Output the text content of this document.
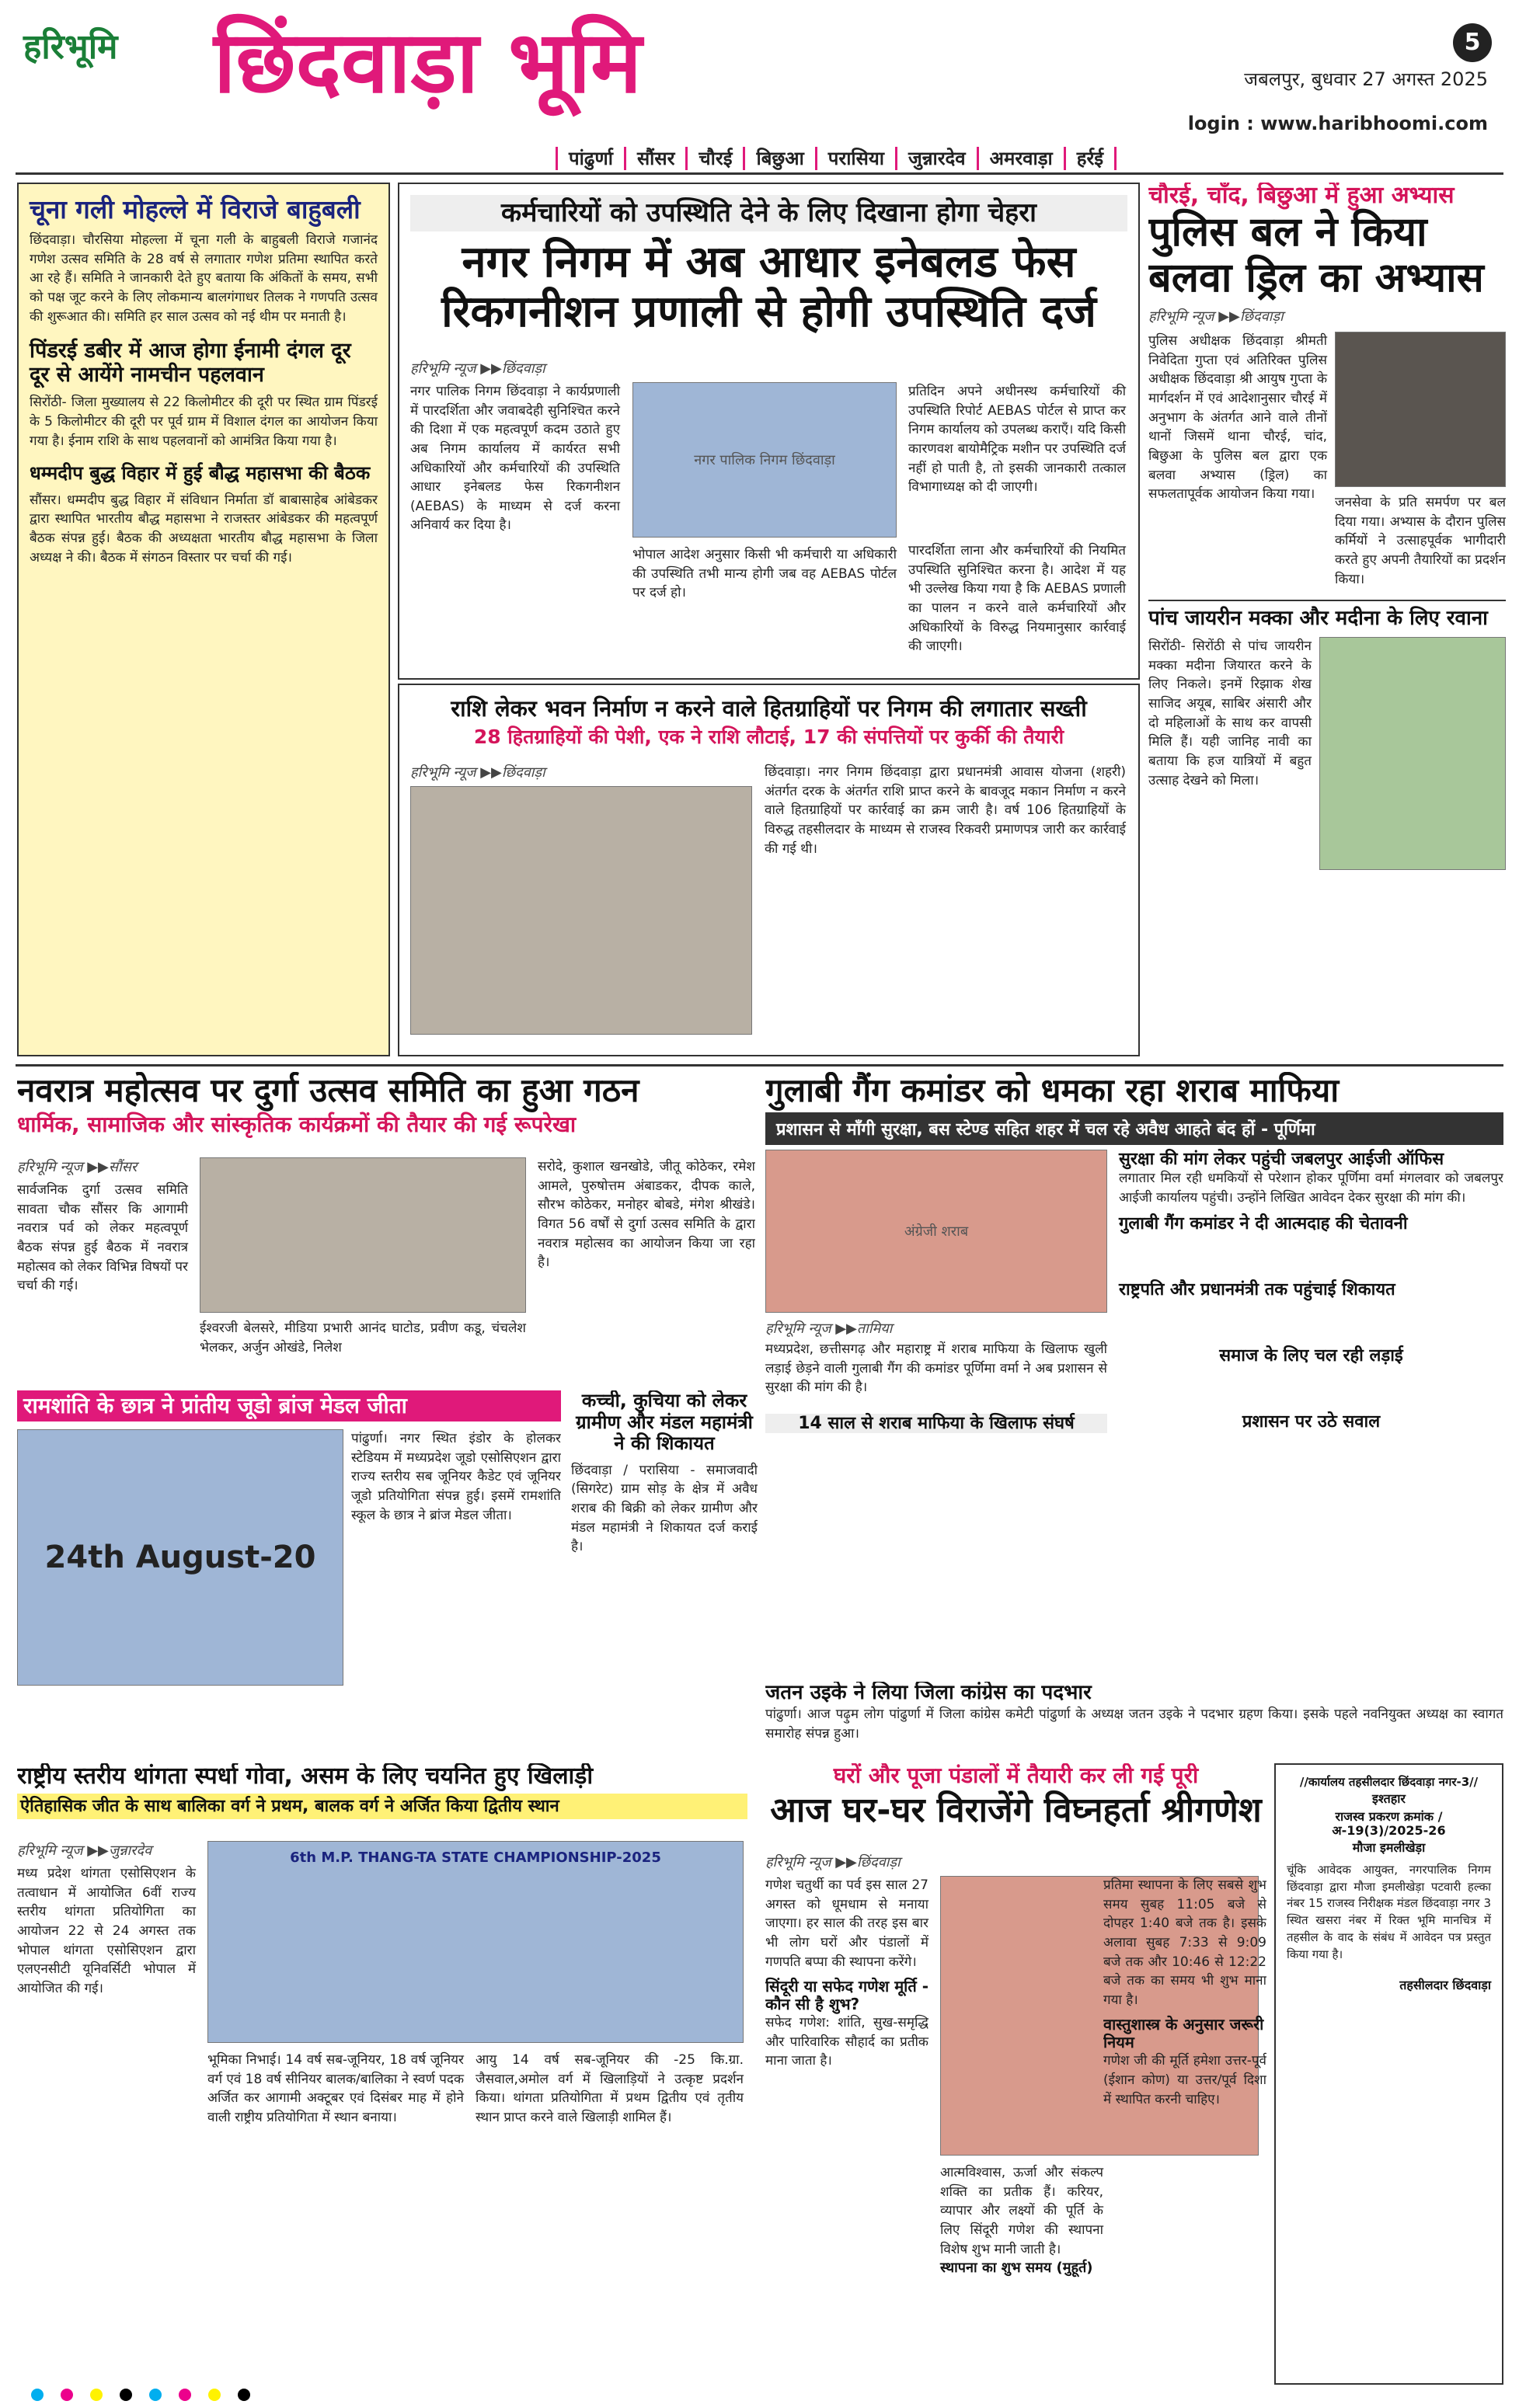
हरिभूमि छिंदवाड़ा भूमि	5
जबलपुर, बुधवार 27 अगस्त 2025
login : www.haribhoomi.com
पांढुर्णा	सौंसर	चौरई	बिछुआ	परासिया	जुन्नारदेव	अमरवाड़ा	हर्रई
चूना गली मोहल्ले में विराजे बाहुबली
छिंदवाड़ा। चौरसिया मोहल्ला में चूना गली के बाहुबली विराजे गजानंद गणेश उत्सव समिति के 28 वर्ष से लगातार गणेश प्रतिमा स्थापित करते आ रहे हैं। समिति ने जानकारी देते हुए बताया कि अंकितों के समय, सभी को पक्ष जूट करने के लिए लोकमान्य बालगंगाधर तिलक ने गणपति उत्सव की शुरूआत की। समिति हर साल उत्सव को नई थीम पर मनाती है।
पिंडरई डबीर में आज होगा ईनामी दंगल दूर दूर से आयेंगे नामचीन पहलवान
सिरोंठी- जिला मुख्यालय से 22 किलोमीटर की दूरी पर स्थित ग्राम पिंडरई के 5 किलोमीटर की दूरी पर पूर्व ग्राम में विशाल दंगल का आयोजन किया गया है। ईनाम राशि के साथ पहलवानों को आमंत्रित किया गया है।
धम्मदीप बुद्ध विहार में हुई बौद्ध महासभा की बैठक
सौंसर। धम्मदीप बुद्ध विहार में संविधान निर्माता डॉ बाबासाहेब आंबेडकर द्वारा स्थापित भारतीय बौद्ध महासभा ने राजस्तर आंबेडकर की महत्वपूर्ण बैठक संपन्न हुई। बैठक की अध्यक्षता भारतीय बौद्ध महासभा के जिला अध्यक्ष ने की। बैठक में संगठन विस्तार पर चर्चा की गई।
कर्मचारियों को उपस्थिति देने के लिए दिखाना होगा चेहरा
नगर निगम में अब आधार इनेबलड फेस
रिकगनीशन प्रणाली से होगी उपस्थिति दर्ज
हरिभूमि न्यूज ▶▶छिंदवाड़ा
नगर पालिक निगम छिंदवाड़ा ने कार्यप्रणाली में पारदर्शिता और जवाबदेही सुनिश्चित करने की दिशा में एक महत्वपूर्ण कदम उठाते हुए अब निगम कार्यालय में कार्यरत सभी अधिकारियों और कर्मचारियों की उपस्थिति आधार इनेबलड फेस रिकगनीशन (AEBAS) के माध्यम से दर्ज करना अनिवार्य कर दिया है।
नगर पालिक निगम छिंदवाड़ा
भोपाल आदेश अनुसार किसी भी कर्मचारी या अधिकारी की उपस्थिति तभी मान्य होगी जब वह AEBAS पोर्टल पर दर्ज हो।
प्रतिदिन अपने अधीनस्थ कर्मचारियों की उपस्थिति रिपोर्ट AEBAS पोर्टल से प्राप्त कर निगम कार्यालय को उपलब्ध कराएँ। यदि किसी कारणवश बायोमैट्रिक मशीन पर उपस्थिति दर्ज नहीं हो पाती है, तो इसकी जानकारी तत्काल विभागाध्यक्ष को दी जाएगी।
पारदर्शिता लाना और कर्मचारियों की नियमित उपस्थिति सुनिश्चित करना है। आदेश में यह भी उल्लेख किया गया है कि AEBAS प्रणाली का पालन न करने वाले कर्मचारियों और अधिकारियों के विरुद्ध नियमानुसार कार्रवाई की जाएगी।
राशि लेकर भवन निर्माण न करने वाले हितग्राहियों पर निगम की लगातार सख्ती
28 हितग्राहियों की पेशी, एक ने राशि लौटाई, 17 की संपत्तियों पर कुर्की की तैयारी
हरिभूमि न्यूज ▶▶छिंदवाड़ा	छिंदवाड़ा। नगर निगम छिंदवाड़ा द्वारा प्रधानमंत्री आवास योजना (शहरी) अंतर्गत दरक के अंतर्गत राशि प्राप्त करने के बावजूद मकान निर्माण न करने वाले हितग्राहियों पर कार्रवाई का क्रम जारी है। वर्ष 106 हितग्राहियों के विरुद्ध तहसीलदार के माध्यम से राजस्व रिकवरी प्रमाणपत्र जारी कर कार्रवाई की गई थी।
चौरई, चाँद, बिछुआ में हुआ अभ्यास
पुलिस बल ने किया बलवा ड्रिल का अभ्यास
हरिभूमि न्यूज ▶▶छिंदवाड़ा
पुलिस अधीक्षक छिंदवाड़ा श्रीमती निवेदिता गुप्ता एवं अतिरिक्त पुलिस अधीक्षक छिंदवाड़ा श्री आयुष गुप्ता के मार्गदर्शन में एवं आदेशानुसार चौरई में अनुभाग के अंतर्गत आने वाले तीनों थानों जिसमें थाना चौरई, चांद, बिछुआ के पुलिस बल द्वारा एक बलवा अभ्यास (ड्रिल) का सफलतापूर्वक आयोजन किया गया।
जनसेवा के प्रति समर्पण पर बल दिया गया। अभ्यास के दौरान पुलिस कर्मियों ने उत्साहपूर्वक भागीदारी करते हुए अपनी तैयारियों का प्रदर्शन किया।
पांच जायरीन मक्का और मदीना के लिए रवाना
सिरोंठी- सिरोंठी से पांच जायरीन मक्का मदीना जियारत करने के लिए निकले। इनमें रिझाक शेख साजिद अयूब, साबिर अंसारी और दो महिलाओं के साथ कर वापसी मिलि हैं। यही जानिह नावी का बताया कि हज यात्रियों में बहुत उत्साह देखने को मिला।
नवरात्र महोत्सव पर दुर्गा उत्सव समिति का हुआ गठन
धार्मिक, सामाजिक और सांस्कृतिक कार्यक्रमों की तैयार की गई रूपरेखा
हरिभूमि न्यूज ▶▶सौंसर
सार्वजनिक दुर्गा उत्सव समिति सावता चौक सौंसर कि आगामी नवरात्र पर्व को लेकर महत्वपूर्ण बैठक संपन्न हुई बैठक में नवरात्र महोत्सव को लेकर विभिन्न विषयों पर चर्चा की गई।
ईश्वरजी बेलसरे, मीडिया प्रभारी आनंद घाटोड, प्रवीण कडू, चंचलेश भेलकर, अर्जुन ओखंडे, निलेश
सरोदे, कुशाल खनखोडे, जीतू कोठेकर, रमेश आमले, पुरुषोत्तम अंबाडकर, दीपक काले, सौरभ कोठेकर, मनोहर बोबडे, मंगेश श्रीखंडे। विगत 56 वर्षों से दुर्गा उत्सव समिति के द्वारा नवरात्र महोत्सव का आयोजन किया जा रहा है।
गुलाबी गैंग कमांडर को धमका रहा शराब माफिया
प्रशासन से माँगी सुरक्षा, बस स्टेण्ड सहित शहर में चल रहे अवैध आहते बंद हों - पूर्णिमा
अंग्रेजी शराब
हरिभूमि न्यूज ▶▶तामिया
मध्यप्रदेश, छत्तीसगढ़ और महाराष्ट्र में शराब माफिया के खिलाफ खुली लड़ाई छेड़ने वाली गुलाबी गैंग की कमांडर पूर्णिमा वर्मा ने अब प्रशासन से सुरक्षा की मांग की है।
14 साल से शराब माफिया के खिलाफ संघर्ष
सुरक्षा की मांग लेकर पहुंची जबलपुर आईजी ऑफिस
लगातार मिल रही धमकियों से परेशान होकर पूर्णिमा वर्मा मंगलवार को जबलपुर आईजी कार्यालय पहुंची। उन्होंने लिखित आवेदन देकर सुरक्षा की मांग की।
गुलाबी गैंग कमांडर ने दी आत्मदाह की चेतावनी
राष्ट्रपति और प्रधानमंत्री तक पहुंचाई शिकायत
समाज के लिए चल रही लड़ाई
प्रशासन पर उठे सवाल
रामशांति के छात्र ने प्रांतीय जूडो ब्रांज मेडल जीता
24th August-20
पांढुर्णा। नगर स्थित इंडोर के होलकर स्टेडियम में मध्यप्रदेश जूडो एसोसिएशन द्वारा राज्य स्तरीय सब जूनियर कैडेट एवं जूनियर जूडो प्रतियोगिता संपन्न हुई। इसमें रामशांति स्कूल के छात्र ने ब्रांज मेडल जीता।
कच्ची, कुचिया को लेकर ग्रामीण और मंडल महामंत्री ने की शिकायत
छिंदवाड़ा / परासिया - समाजवादी (सिगरेट) ग्राम सोड़ के क्षेत्र में अवैध शराब की बिक्री को लेकर ग्रामीण और मंडल महामंत्री ने शिकायत दर्ज कराई है।
जतन उइके ने लिया जिला कांग्रेस का पदभार
पांढुर्णा। आज पढ़ुम लोग पांढुर्णा में जिला कांग्रेस कमेटी पांढुर्णा के अध्यक्ष जतन उइके ने पदभार ग्रहण किया। इसके पहले नवनियुक्त अध्यक्ष का स्वागत समारोह संपन्न हुआ।
राष्ट्रीय स्तरीय थांगता स्पर्धा गोवा, असम के लिए चयनित हुए खिलाड़ी
ऐतिहासिक जीत के साथ बालिका वर्ग ने प्रथम, बालक वर्ग ने अर्जित किया द्वितीय स्थान
हरिभूमि न्यूज ▶▶जुन्नारदेव
मध्य प्रदेश थांगता एसोसिएशन के तत्वाधान में आयोजित 6वीं राज्य स्तरीय थांगता प्रतियोगिता का आयोजन 22 से 24 अगस्त तक भोपाल थांगता एसोसिएशन द्वारा एलएनसीटी यूनिवर्सिटी भोपाल में आयोजित की गई।
6th M.P. THANG-TA STATE CHAMPIONSHIP-2025
भूमिका निभाई। 14 वर्ष सब-जूनियर, 18 वर्ष जूनियर वर्ग एवं 18 वर्ष सीनियर बालक/बालिका ने स्वर्ण पदक अर्जित कर आगामी अक्टूबर एवं दिसंबर माह में होने वाली राष्ट्रीय प्रतियोगिता में स्थान बनाया।
आयु 14 वर्ष सब-जूनियर की -25 कि.ग्रा. जैसवाल,अमोल वर्ग में खिलाड़ियों ने उत्कृष्ट प्रदर्शन किया। थांगता प्रतियोगिता में प्रथम द्वितीय एवं तृतीय स्थान प्राप्त करने वाले खिलाड़ी शामिल हैं।
घरों और पूजा पंडालों में तैयारी कर ली गई पूरी
आज घर-घर विराजेंगे विघ्नहर्ता श्रीगणेश
हरिभूमि न्यूज ▶▶छिंदवाड़ा
गणेश चतुर्थी का पर्व इस साल 27 अगस्त को धूमधाम से मनाया जाएगा। हर साल की तरह इस बार भी लोग घरों और पंडालों में गणपति बप्पा की स्थापना करेंगे।
सिंदूरी या सफेद गणेश मूर्ति - कौन सी है शुभ?
सफेद गणेश: शांति, सुख-समृद्धि और पारिवारिक सौहार्द का प्रतीक माना जाता है।
आत्मविश्वास, ऊर्जा और संकल्प शक्ति का प्रतीक हैं। करियर, व्यापार और लक्ष्यों की पूर्ति के लिए सिंदूरी गणेश की स्थापना विशेष शुभ मानी जाती है।
स्थापना का शुभ समय (मुहूर्त)
प्रतिमा स्थापना के लिए सबसे शुभ समय सुबह 11:05 बजे से दोपहर 1:40 बजे तक है। इसके अलावा सुबह 7:33 से 9:09 बजे तक और 10:46 से 12:22 बजे तक का समय भी शुभ माना गया है।
वास्तुशास्त्र के अनुसार जरूरी नियम
गणेश जी की मूर्ति हमेशा उत्तर-पूर्व (ईशान कोण) या उत्तर/पूर्व दिशा में स्थापित करनी चाहिए।
//कार्यालय तहसीलदार छिंदवाड़ा नगर-3//
इश्तहार
राजस्व प्रकरण क्रमांक / अ-19(3)/2025-26
मौजा इमलीखेड़ा
चूंकि आवेदक आयुक्त, नगरपालिक निगम छिंदवाड़ा द्वारा मौजा इमलीखेड़ा पटवारी हल्का नंबर 15 राजस्व निरीक्षक मंडल छिंदवाड़ा नगर 3 स्थित खसरा नंबर में रिक्त भूमि मानचित्र में तहसील के वाद के संबंध में आवेदन पत्र प्रस्तुत किया गया है।
तहसीलदार छिंदवाड़ा
